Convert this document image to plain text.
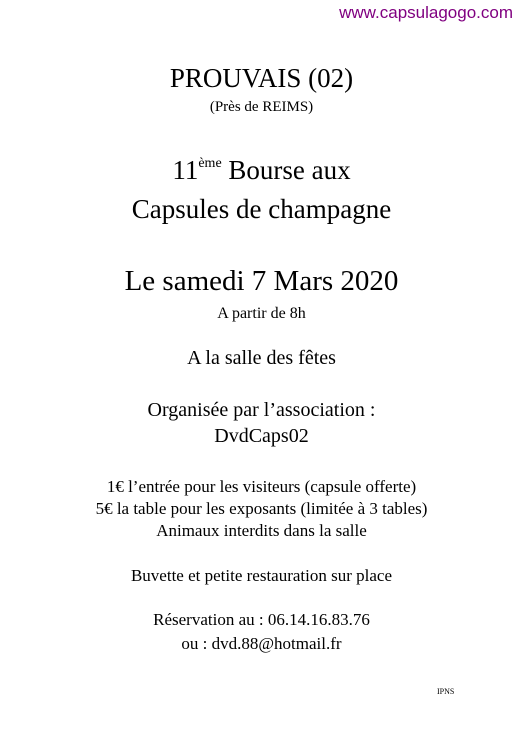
www.capsulagogo.com
PROUVAIS (02)
(Près de REIMS)
11ème Bourse aux
Capsules de champagne
Le samedi 7 Mars 2020
A partir de 8h
A la salle des fêtes
Organisée par l’association :
DvdCaps02
1€ l’entrée pour les visiteurs (capsule offerte)
5€ la table pour les exposants (limitée à 3 tables)
Animaux interdits dans la salle
Buvette et petite restauration sur place
Réservation au : 06.14.16.83.76
ou : dvd.88@hotmail.fr
IPNS
